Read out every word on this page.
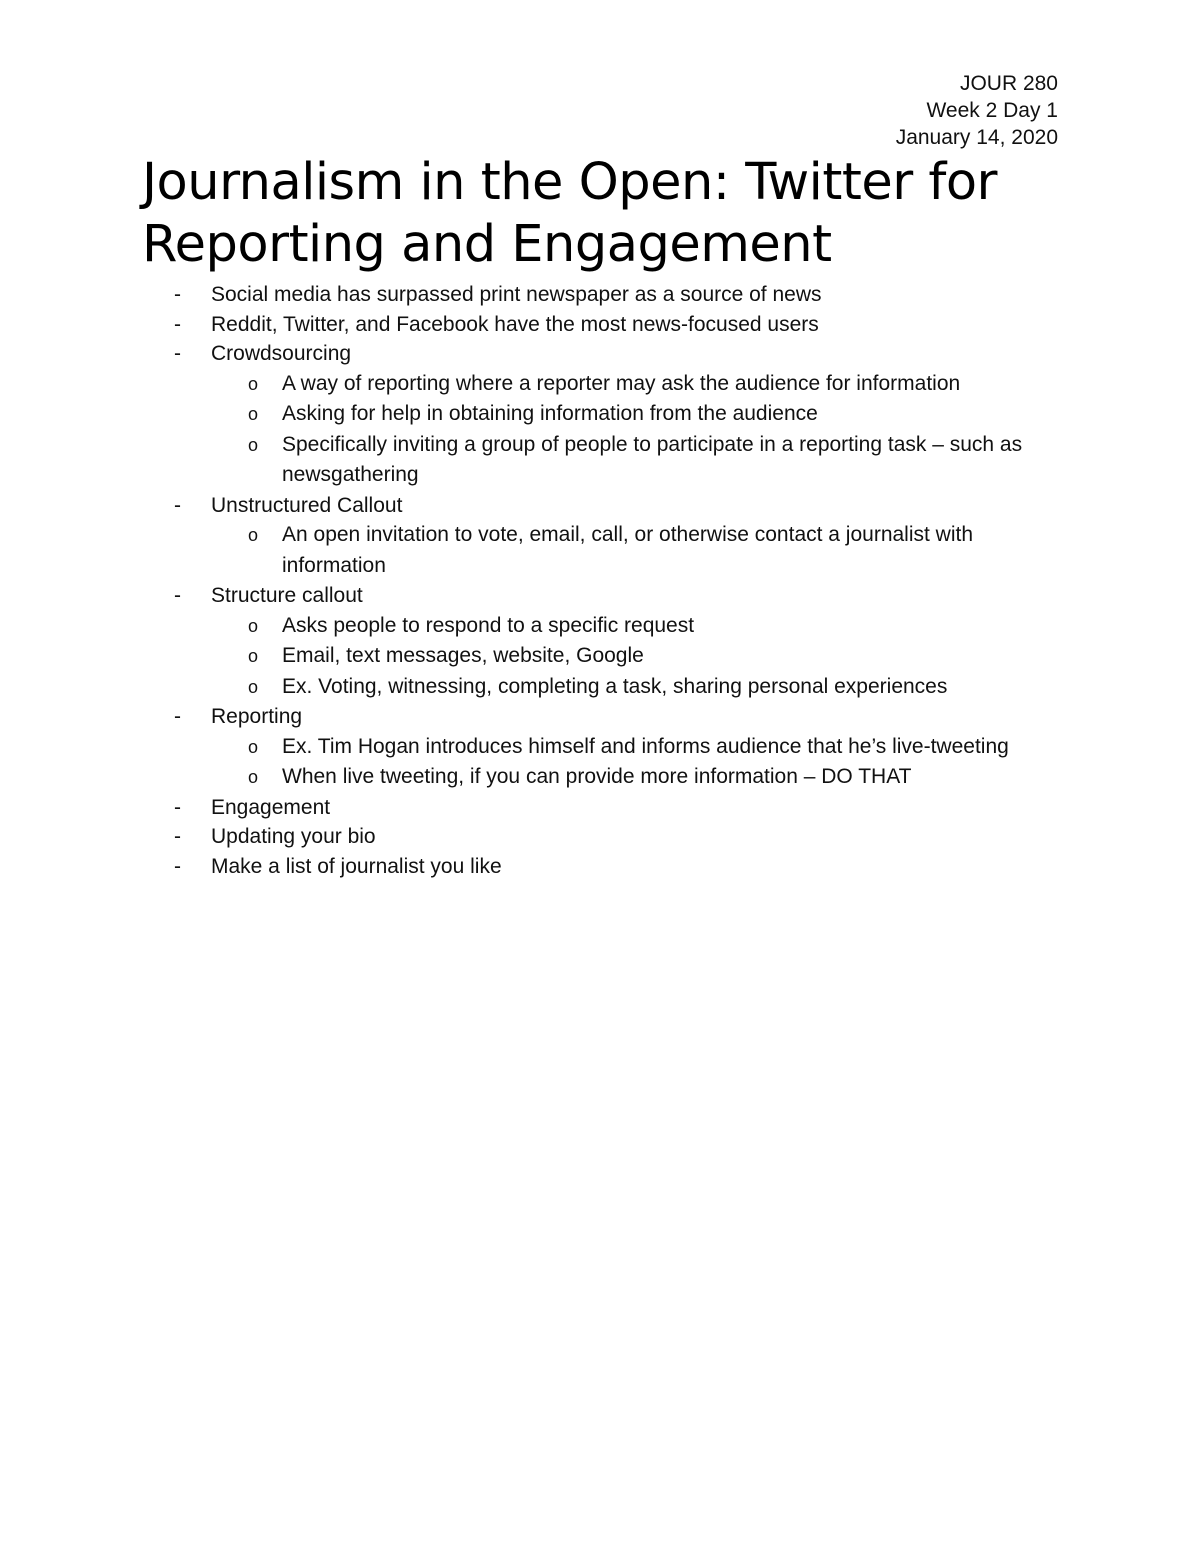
JOUR 280
Week 2 Day 1
January 14, 2020
Journalism in the Open: Twitter for Reporting and Engagement
-	Social media has surpassed print newspaper as a source of news
-	Reddit, Twitter, and Facebook have the most news-focused users
-	Crowdsourcing
o A way of reporting where a reporter may ask the audience for information
o Asking for help in obtaining information from the audience
o Specifically inviting a group of people to participate in a reporting task – such as newsgathering
-	Unstructured Callout
o An open invitation to vote, email, call, or otherwise contact a journalist with information
-	Structure callout
o Asks people to respond to a specific request
o Email, text messages, website, Google
o Ex. Voting, witnessing, completing a task, sharing personal experiences
-	Reporting
o Ex. Tim Hogan introduces himself and informs audience that he’s live-tweeting
o When live tweeting, if you can provide more information – DO THAT
-	Engagement
-	Updating your bio
-	Make a list of journalist you like
